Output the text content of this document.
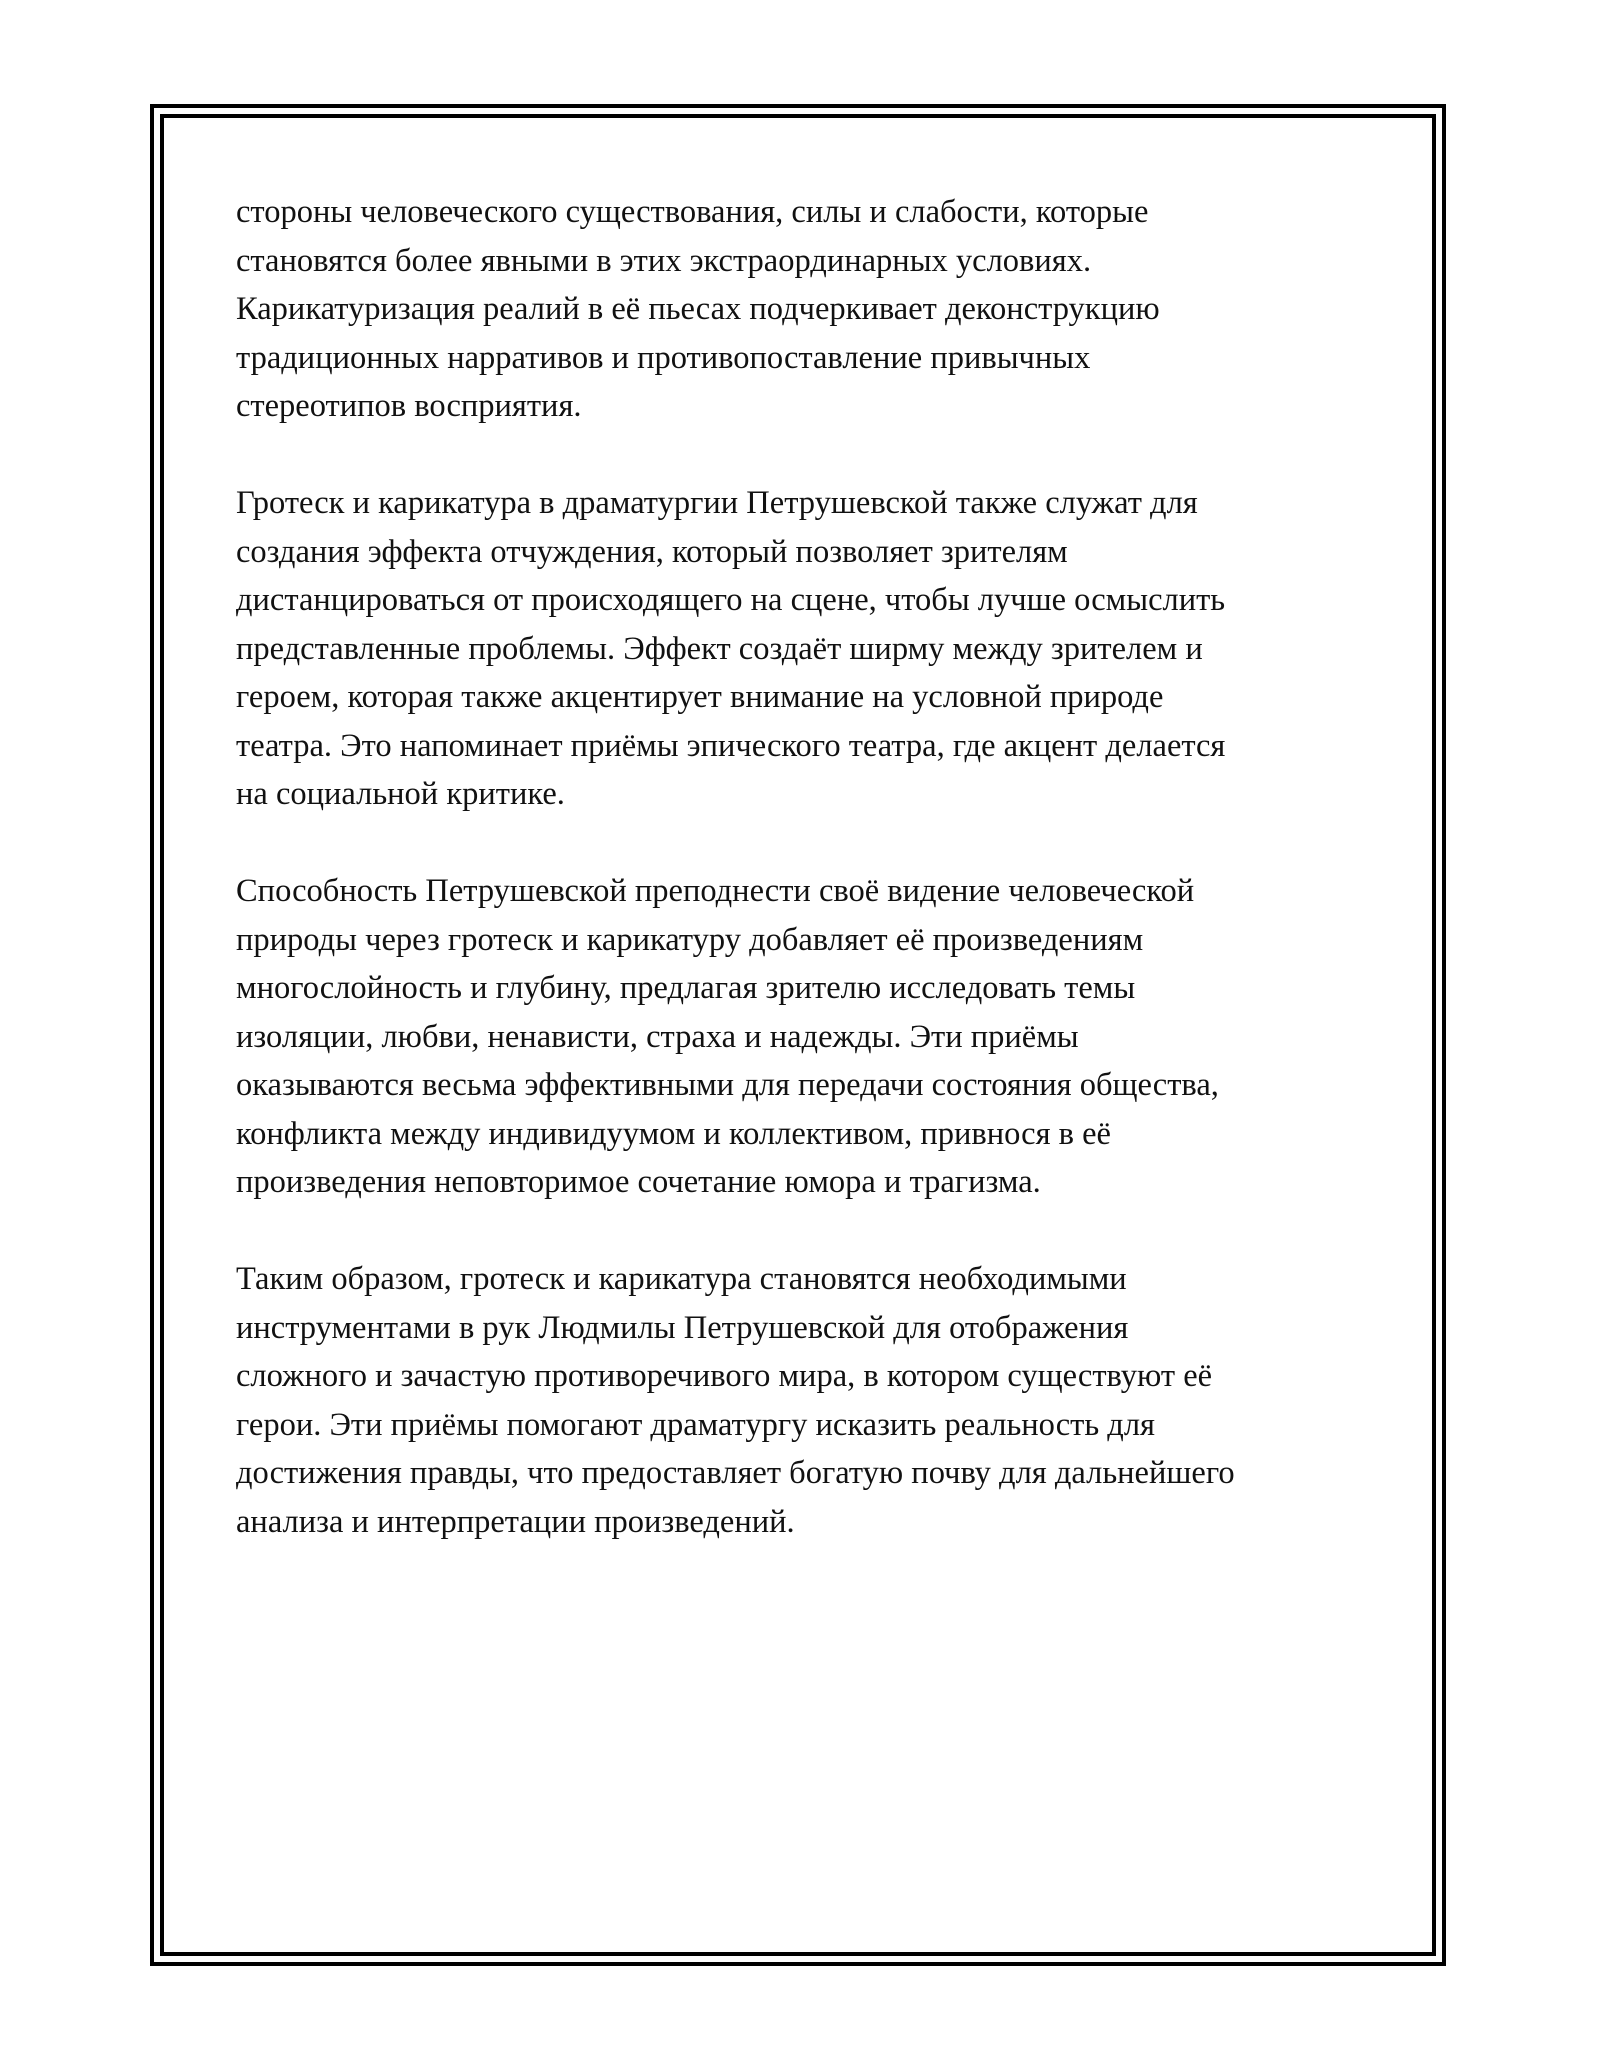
стороны человеческого существования, силы и слабости, которые
становятся более явными в этих экстраординарных условиях.
Карикатуризация реалий в её пьесах подчеркивает деконструкцию
традиционных нарративов и противопоставление привычных
стереотипов восприятия.

Гротеск и карикатура в драматургии Петрушевской также служат для
создания эффекта отчуждения, который позволяет зрителям
дистанцироваться от происходящего на сцене, чтобы лучше осмыслить
представленные проблемы. Эффект создаёт ширму между зрителем и
героем, которая также акцентирует внимание на условной природе
театра. Это напоминает приёмы эпического театра, где акцент делается
на социальной критике.

Способность Петрушевской преподнести своё видение человеческой
природы через гротеск и карикатуру добавляет её произведениям
многослойность и глубину, предлагая зрителю исследовать темы
изоляции, любви, ненависти, страха и надежды. Эти приёмы
оказываются весьма эффективными для передачи состояния общества,
конфликта между индивидуумом и коллективом, привнося в её
произведения неповторимое сочетание юмора и трагизма.

Таким образом, гротеск и карикатура становятся необходимыми
инструментами в рук Людмилы Петрушевской для отображения
сложного и зачастую противоречивого мира, в котором существуют её
герои. Эти приёмы помогают драматургу исказить реальность для
достижения правды, что предоставляет богатую почву для дальнейшего
анализа и интерпретации произведений.
